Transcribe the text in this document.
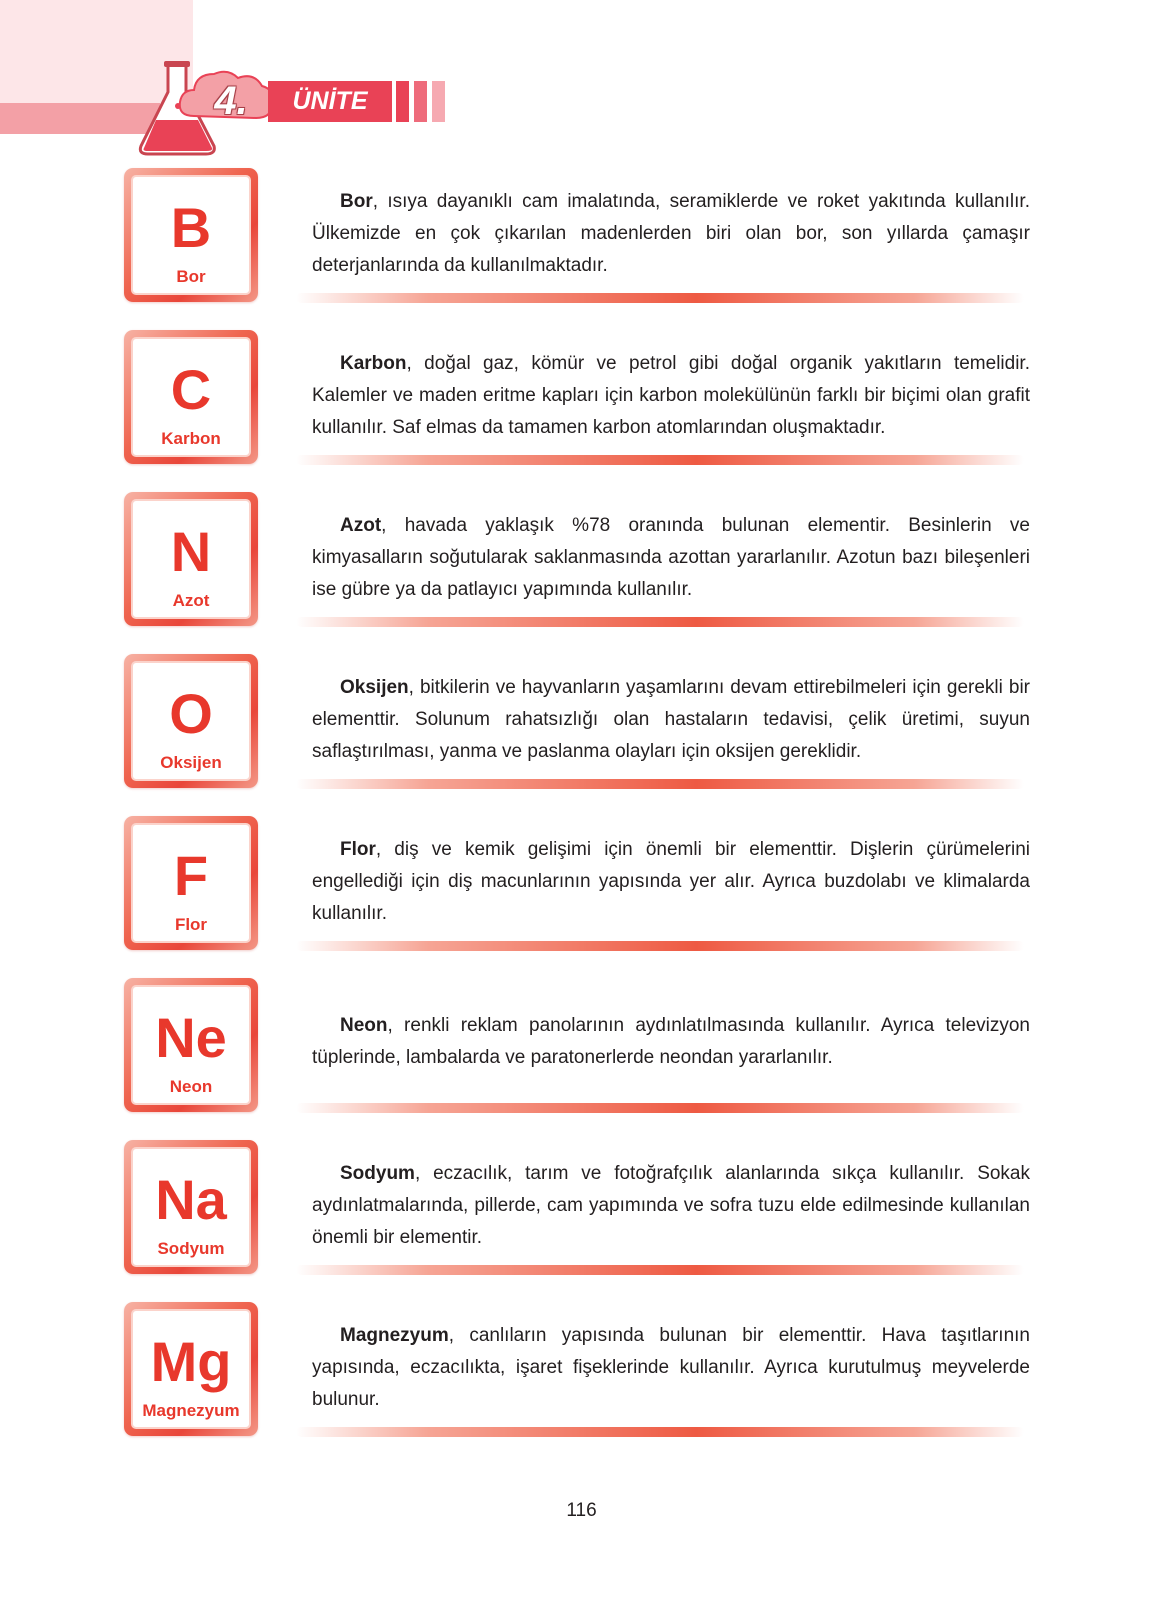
4.	ÜNİTE
B
Bor

Bor, ısıya dayanıklı cam imalatında, seramiklerde ve roket yakıtında kullanılır. Ülkemizde en çok çıkarılan madenlerden biri olan bor, son yıllarda çamaşır deterjanlarında da kullanılmaktadır.

C
Karbon

Karbon, doğal gaz, kömür ve petrol gibi doğal organik yakıtların temelidir. Kalemler ve maden eritme kapları için karbon molekülünün farklı bir biçimi olan grafit kullanılır. Saf elmas da tamamen karbon atomlarından oluşmaktadır.

N
Azot

Azot, havada yaklaşık %78 oranında bulunan elementir. Besinlerin ve kimyasalların soğutularak saklanmasında azottan yararlanılır. Azotun bazı bileşenleri ise gübre ya da patlayıcı yapımında kullanılır.

O
Oksijen

Oksijen, bitkilerin ve hayvanların yaşamlarını devam ettirebilmeleri için gerekli bir elementtir. Solunum rahatsızlığı olan hastaların tedavisi, çelik üretimi, suyun saflaştırılması, yanma ve paslanma olayları için oksijen gereklidir.

F
Flor

Flor, diş ve kemik gelişimi için önemli bir elementtir. Dişlerin çürümelerini engellediği için diş macunlarının yapısında yer alır. Ayrıca buzdolabı ve klimalarda kullanılır.

Ne
Neon

Neon, renkli reklam panolarının aydınlatılmasında kullanılır. Ayrıca televizyon tüplerinde, lambalarda ve paratonerlerde neondan yararlanılır.

Na
Sodyum

Sodyum, eczacılık, tarım ve fotoğrafçılık alanlarında sıkça kullanılır. Sokak aydınlatmalarında, pillerde, cam yapımında ve sofra tuzu elde edilmesinde kullanılan önemli bir elementir.

Mg
Magnezyum

Magnezyum, canlıların yapısında bulunan bir elementtir. Hava taşıtlarının yapısında, eczacılıkta, işaret fişeklerinde kullanılır. Ayrıca kurutulmuş meyvelerde bulunur.

116
